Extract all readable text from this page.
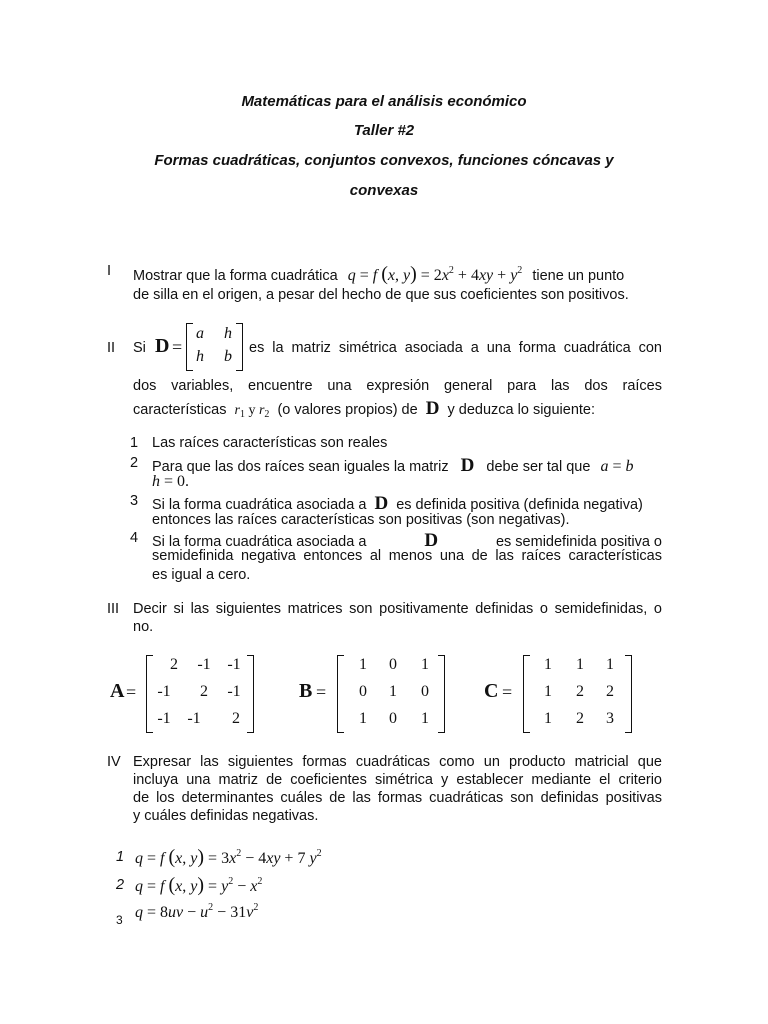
Matemáticas para el análisis económico
Taller #2
Formas cuadráticas, conjuntos convexos, funciones cóncavas y
convexas
I Mostrar que la forma cuadrática q = f (x, $y) = 2x^2 + 4xy + y^2$ tiene un punto
de silla en el origen, a pesar del hecho de que sus coeficientes son positivos.
II Si D =
a h
h b es la matriz simétrica asociada a una forma cuadrática con
dos variables, encuentre una expresión general para las dos raíces
características $r_1$ y $r_2$ (o valores propios) de D y deduzca lo siguiente:
1 Las raíces características son reales
2 Para que las dos raíces sean iguales la matriz D debe ser tal que a = b
h = 0.
3 Si la forma cuadrática asociada a D es definida positiva (definida negativa)
entonces las raíces características son positivas (son negativas).
4 Si la forma cuadrática asociada a	D	es semidefinida positiva o
semidefinida negativa entonces al menos una de las raíces características
es igual a cero.
III Decir si las siguientes matrices son positivamente definidas o semidefinidas, o
no.
A =
2	-1	-1
-1	2	-1
-1	-1	2
B =
1	0	1
0	1	0
1	0	1
C =
1	1	1
1	2	2
1	2	3
IV Expresar las siguientes formas cuadráticas como un producto matricial que
incluya una matriz de coeficientes simétrica y establecer mediante el criterio
de los determinantes cuáles de las formas cuadráticas son definidas positivas
y cuáles definidas negativas.
1 q = f (x, $y) = 3x^2 - 4xy + 7$ $y^2$
2 q = f (x, $y) = y^2 - x^2$
3 $q = 8uv - u^2 - 31v^2$
